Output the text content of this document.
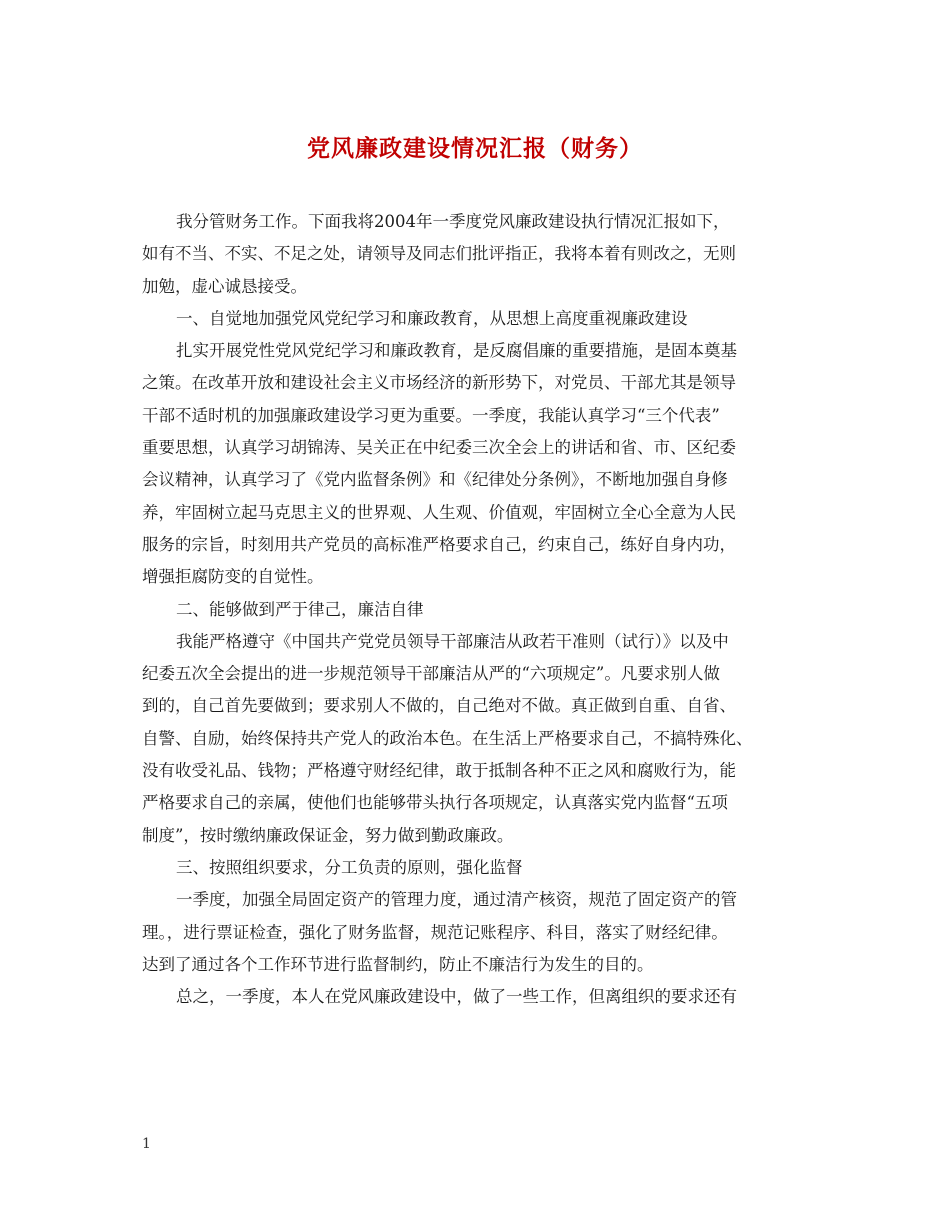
党风廉政建设情况汇报（财务）
我分管财务工作。下面我将2004年一季度党风廉政建设执行情况汇报如下，
如有不当、不实、不足之处，请领导及同志们批评指正，我将本着有则改之，无则
加勉，虚心诚恳接受。
一、自觉地加强党风党纪学习和廉政教育，从思想上高度重视廉政建设
扎实开展党性党风党纪学习和廉政教育，是反腐倡廉的重要措施，是固本奠基
之策。在改革开放和建设社会主义市场经济的新形势下，对党员、干部尤其是领导
干部不适时机的加强廉政建设学习更为重要。一季度，我能认真学习“三个代表”
重要思想，认真学习胡锦涛、吴关正在中纪委三次全会上的讲话和省、市、区纪委
会议精神，认真学习了《党内监督条例》和《纪律处分条例》，不断地加强自身修
养，牢固树立起马克思主义的世界观、人生观、价值观，牢固树立全心全意为人民
服务的宗旨，时刻用共产党员的高标准严格要求自己，约束自己，练好自身内功，
增强拒腐防变的自觉性。
二、能够做到严于律己，廉洁自律
我能严格遵守《中国共产党党员领导干部廉洁从政若干准则（试行）》以及中
纪委五次全会提出的进一步规范领导干部廉洁从严的“六项规定”。凡要求别人做
到的，自己首先要做到；要求别人不做的，自己绝对不做。真正做到自重、自省、
自警、自励，始终保持共产党人的政治本色。在生活上严格要求自己，不搞特殊化、
没有收受礼品、钱物；严格遵守财经纪律，敢于抵制各种不正之风和腐败行为，能
严格要求自己的亲属，使他们也能够带头执行各项规定，认真落实党内监督“五项
制度”，按时缴纳廉政保证金，努力做到勤政廉政。
三、按照组织要求，分工负责的原则，强化监督
一季度，加强全局固定资产的管理力度，通过清产核资，规范了固定资产的管
理。，进行票证检查，强化了财务监督，规范记账程序、科目，落实了财经纪律。
达到了通过各个工作环节进行监督制约，防止不廉洁行为发生的目的。
总之，一季度，本人在党风廉政建设中，做了一些工作，但离组织的要求还有
1
